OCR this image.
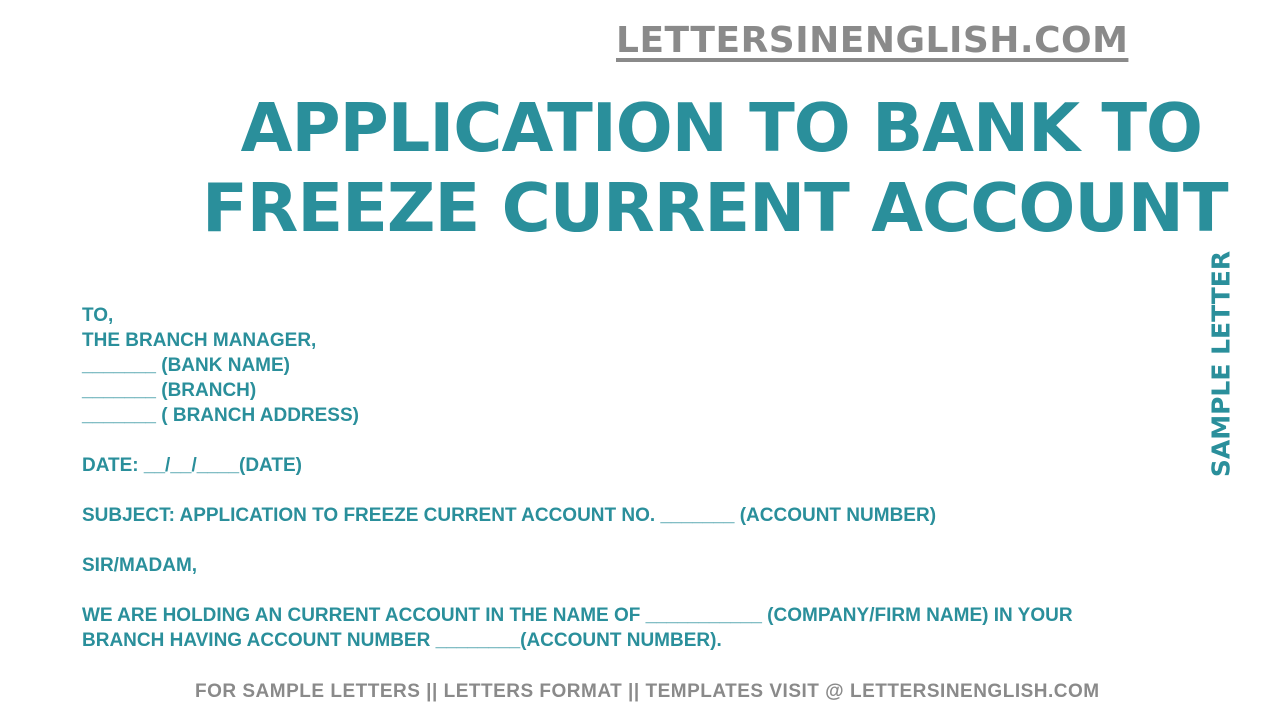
LETTERSINENGLISH.COM
APPLICATION TO BANK TO
FREEZE CURRENT ACCOUNT
SAMPLE LETTER
TO,
THE BRANCH MANAGER,
_______ (BANK NAME)
_______ (BRANCH)
_______ ( BRANCH ADDRESS)
DATE: __/__/____(DATE)
SUBJECT: APPLICATION TO FREEZE CURRENT ACCOUNT NO. _______ (ACCOUNT NUMBER)
SIR/MADAM,
WE ARE HOLDING AN CURRENT ACCOUNT IN THE NAME OF ___________ (COMPANY/FIRM NAME) IN YOUR
BRANCH HAVING ACCOUNT NUMBER ________(ACCOUNT NUMBER).
FOR SAMPLE LETTERS || LETTERS FORMAT || TEMPLATES VISIT @ LETTERSINENGLISH.COM
